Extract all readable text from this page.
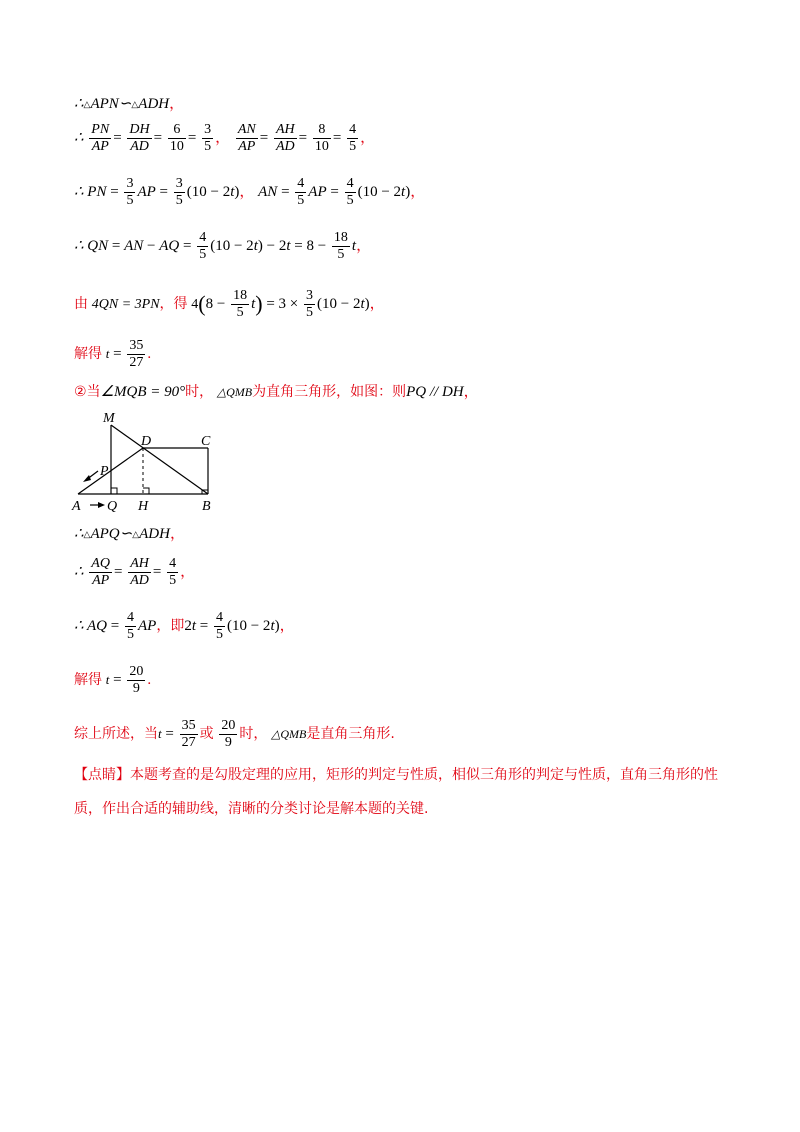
∴△APN∽△ADH，
∴ $\frac{PN}{AP} = \frac{DH}{AD} = \frac{6}{10} = \frac{3}{5}$ ， $\frac{AN}{AP} = \frac{AH}{AD} = \frac{8}{10} = \frac{4}{5}$ ，
∴ PN = $\frac{3}{5}$ AP = $\frac{3}{5} (10 - 2t)$， AN = $\frac{4}{5}$ AP = $\frac{4}{5} (10 - 2t)$，
∴ QN = AN − AQ = $\frac{4}{5} (10 - 2t) - 2t = 8 - \frac{18}{5}$ t，
由 4QN = 3PN，得 $4(8 - \frac{18}{5} t) = 3 \times \frac{3}{5} (10 - 2t)$，
解得 $t = \frac{35}{27}$ .
②当∠MQB = 90°时， △QMB为直角三角形，如图：则PQ // DH，
M
D	C
P
A Q H	B
∴△APQ∽△ADH，
∴ $\frac{AQ}{AP} = \frac{AH}{AD} = \frac{4}{5}$ ，
∴ AQ = $\frac{4}{5}$ AP，即$2t = \frac{4}{5} (10 - 2t)$，
解得 $t = \frac{20}{9}$ .
综上所述，当$t = \frac{35}{27}$ 或 $\frac{20}{9}$ 时， △QMB是直角三角形.
【点睛】本题考查的是勾股定理的应用，矩形的判定与性质，相似三角形的判定与性质，直角三角形的性质，作出合适的辅助线，清晰的分类讨论是解本题的关键.
